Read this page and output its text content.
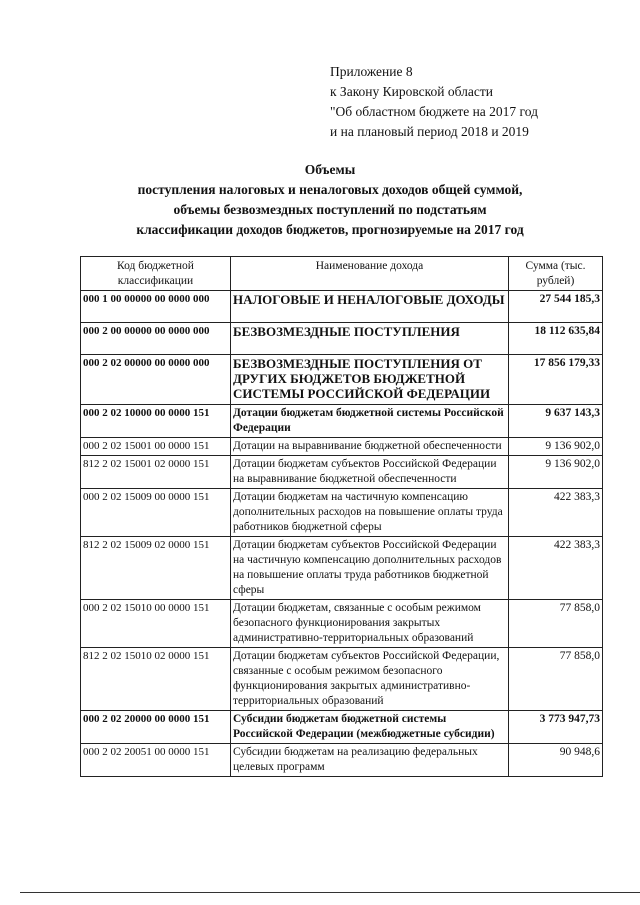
Приложение 8
к Закону Кировской области
"Об областном бюджете на 2017 год
и на плановый период 2018 и 2019
Объемы
поступления налоговых и неналоговых доходов общей суммой,
объемы безвозмездных поступлений по подстатьям
классификации доходов бюджетов, прогнозируемые на 2017 год
Код бюджетной классификации	Наименование дохода	Сумма (тыс. рублей)
000 1 00 00000 00 0000 000	НАЛОГОВЫЕ И НЕНАЛОГОВЫЕ ДОХОДЫ	27 544 185,3
000 2 00 00000 00 0000 000	БЕЗВОЗМЕЗДНЫЕ ПОСТУПЛЕНИЯ	18 112 635,84
000 2 02 00000 00 0000 000	БЕЗВОЗМЕЗДНЫЕ ПОСТУПЛЕНИЯ ОТ ДРУГИХ БЮДЖЕТОВ БЮДЖЕТНОЙ СИСТЕМЫ РОССИЙСКОЙ ФЕДЕРАЦИИ	17 856 179,33
000 2 02 10000 00 0000 151	Дотации бюджетам бюджетной системы Российской Федерации	9 637 143,3
000 2 02 15001 00 0000 151	Дотации на выравнивание бюджетной обеспеченности	9 136 902,0
812 2 02 15001 02 0000 151	Дотации бюджетам субъектов Российской Федерации на выравнивание бюджетной обеспеченности	9 136 902,0
000 2 02 15009 00 0000 151	Дотации бюджетам на частичную компенсацию дополнительных расходов на повышение оплаты труда работников бюджетной сферы	422 383,3
812 2 02 15009 02 0000 151	Дотации бюджетам субъектов Российской Федерации на частичную компенсацию дополнительных расходов на повышение оплаты труда работников бюджетной сферы	422 383,3
000 2 02 15010 00 0000 151	Дотации бюджетам, связанные с особым режимом безопасного функционирования закрытых административно-территориальных образований	77 858,0
812 2 02 15010 02 0000 151	Дотации бюджетам субъектов Российской Федерации, связанные с особым режимом безопасного функционирования закрытых административно-территориальных образований	77 858,0
000 2 02 20000 00 0000 151	Субсидии бюджетам бюджетной системы Российской Федерации (межбюджетные субсидии)	3 773 947,73
000 2 02 20051 00 0000 151	Субсидии бюджетам на реализацию федеральных целевых программ	90 948,6
